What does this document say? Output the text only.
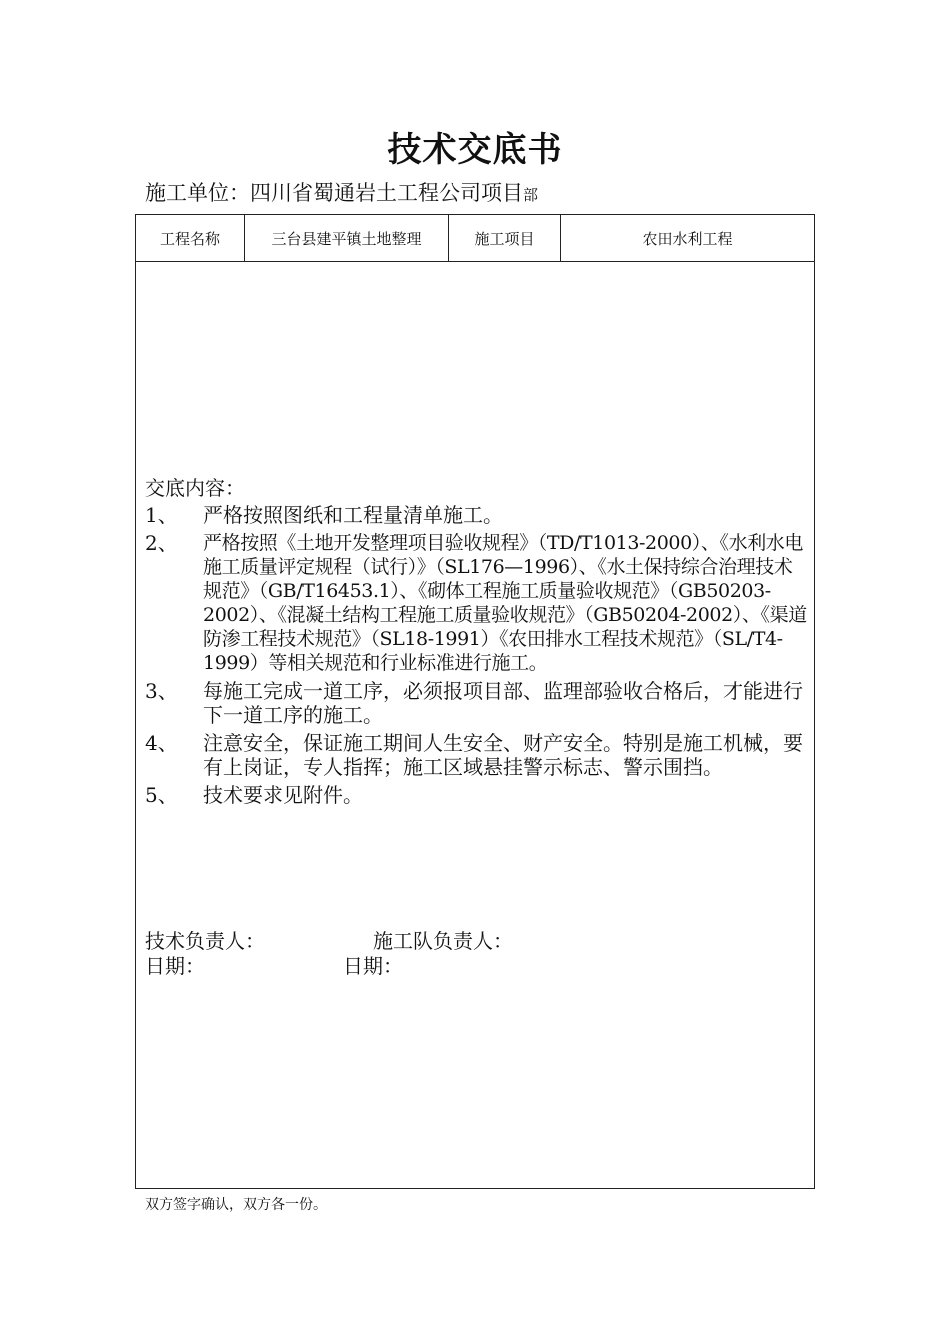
技术交底书
施工单位：四川省蜀通岩土工程公司项目部
工程名称	三台县建平镇土地整理	施工项目	农田水利工程
交底内容：
1、	严格按照图纸和工程量清单施工。
2、	严格按照《土地开发整理项目验收规程》（TD/T1013-2000）、《水利水电施工质量评定规程（试行）》（SL176—1996）、《水土保持综合治理技术规范》（GB/T16453.1）、《砌体工程施工质量验收规范》（GB50203-2002）、《混凝土结构工程施工质量验收规范》（GB50204-2002）、《渠道防渗工程技术规范》（SL18-1991）《农田排水工程技术规范》（SL/T4-1999）等相关规范和行业标准进行施工。
3、	每施工完成一道工序，必须报项目部、监理部验收合格后，才能进行下一道工序的施工。
4、	注意安全，保证施工期间人生安全、财产安全。特别是施工机械，要有上岗证，专人指挥；施工区域悬挂警示标志、警示围挡。
5、	技术要求见附件。
技术负责人：	施工队负责人：
日期：	日期：
双方签字确认，双方各一份。
